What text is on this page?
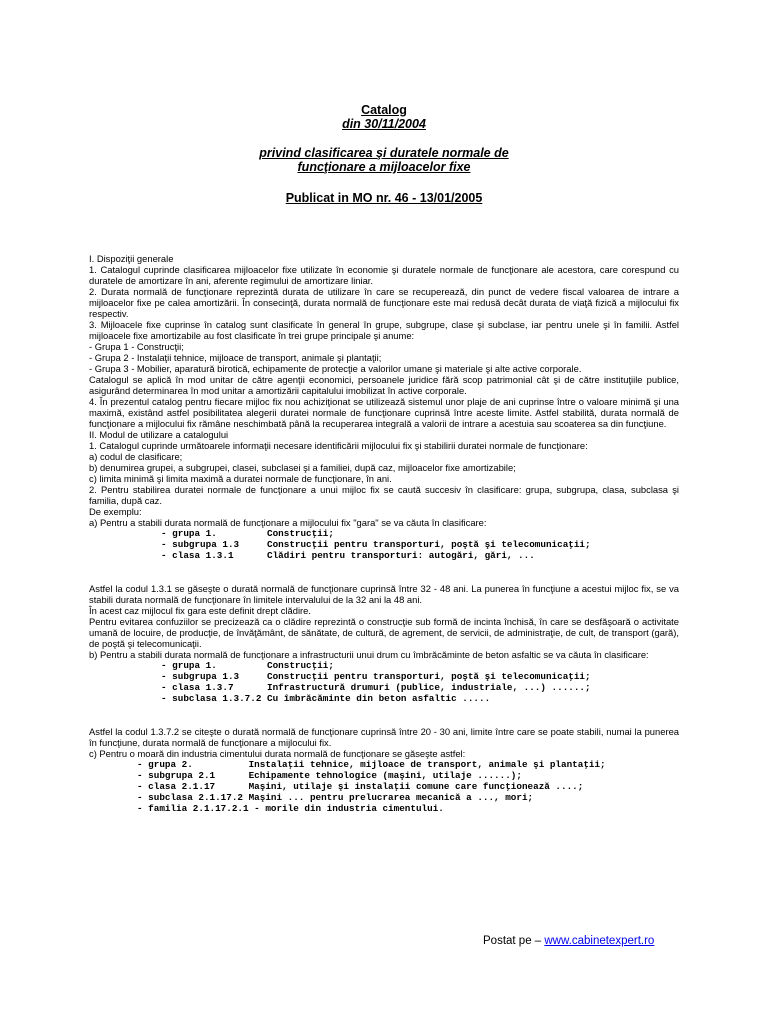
Catalog
din 30/11/2004
privind clasificarea şi duratele normale de
funcţionare a mijloacelor fixe
Publicat in MO nr. 46 - 13/01/2005

I. Dispoziţii generale

1. Catalogul cuprinde clasificarea mijloacelor fixe utilizate în economie şi duratele normale de funcţionare ale acestora, care corespund cu duratele de amortizare în ani, aferente regimului de amortizare liniar.

2. Durata normală de funcţionare reprezintă durata de utilizare în care se recuperează, din punct de vedere fiscal valoarea de intrare a mijloacelor fixe pe calea amortizării. În consecinţă, durata normală de funcţionare este mai redusă decât durata de viaţă fizică a mijlocului fix respectiv.

3. Mijloacele fixe cuprinse în catalog sunt clasificate în general în grupe, subgrupe, clase şi subclase, iar pentru unele şi în familii. Astfel mijloacele fixe amortizabile au fost clasificate în trei grupe principale şi anume:

- Grupa 1 - Construcţii;

- Grupa 2 - Instalaţii tehnice, mijloace de transport, animale şi plantaţii;

- Grupa 3 - Mobilier, aparatură birotică, echipamente de protecţie a valorilor umane şi materiale şi alte active corporale.

Catalogul se aplică în mod unitar de către agenţii economici, persoanele juridice fără scop patrimonial cât şi de către instituţiile publice, asigurând determinarea în mod unitar a amortizării capitalului imobilizat în active corporale.

4. În prezentul catalog pentru fiecare mijloc fix nou achiziţionat se utilizează sistemul unor plaje de ani cuprinse între o valoare minimă şi una maximă, existând astfel posibilitatea alegerii duratei normale de funcţionare cuprinsă între aceste limite. Astfel stabilită, durata normală de funcţionare a mijlocului fix rămâne neschimbată până la recuperarea integrală a valorii de intrare a acestuia sau scoaterea sa din funcţiune.

II. Modul de utilizare a catalogului

1. Catalogul cuprinde următoarele informaţii necesare identificării mijlocului fix şi stabilirii duratei normale de funcţionare:

a) codul de clasificare;

b) denumirea grupei, a subgrupei, clasei, subclasei şi a familiei, după caz, mijloacelor fixe amortizabile;

c) limita minimă şi limita maximă a duratei normale de funcţionare, în ani.

2. Pentru stabilirea duratei normale de funcţionare a unui mijloc fix se caută succesiv în clasificare: grupa, subgrupa, clasa, subclasa şi familia, după caz.

De exemplu:

a) Pentru a stabili durata normală de funcţionare a mijlocului fix "gara" se va căuta în clasificare:

- grupa 1.         Construcţii;

- subgrupa 1.3     Construcţii pentru transporturi, poştă şi telecomunicaţii;

- clasa 1.3.1      Clădiri pentru transporturi: autogări, gări, ...

Astfel la codul 1.3.1 se găseşte o durată normală de funcţionare cuprinsă între 32 - 48 ani. La punerea în funcţiune a acestui mijloc fix, se va stabili durata normală de funcţionare în limitele intervalului de la 32 ani la 48 ani.

În acest caz mijlocul fix gara este definit drept clădire.

Pentru evitarea confuziilor se precizează ca o clădire reprezintă o construcţie sub formă de incinta închisă, în care se desfăşoară o activitate umană de locuire, de producţie, de învăţământ, de sănătate, de cultură, de agrement, de servicii, de administraţie, de cult, de transport (gară), de poştă şi telecomunicaţii.

b) Pentru a stabili durata normală de funcţionare a infrastructurii unui drum cu îmbrăcăminte de beton asfaltic se va căuta în clasificare:

- grupa 1.         Construcţii;

- subgrupa 1.3     Construcţii pentru transporturi, poştă şi telecomunicaţii;

- clasa 1.3.7      Infrastructură drumuri (publice, industriale, ...) ......;

- subclasa 1.3.7.2 Cu îmbrăcăminte din beton asfaltic .....

Astfel la codul 1.3.7.2 se citeşte o durată normală de funcţionare cuprinsă între 20 - 30 ani, limite între care se poate stabili, numai la punerea în funcţiune, durata normală de funcţionare a mijlocului fix.

c) Pentru o moară din industria cimentului durata normală de funcţionare se găseşte astfel:

- grupa 2.          Instalaţii tehnice, mijloace de transport, animale şi plantaţii;

- subgrupa 2.1      Echipamente tehnologice (maşini, utilaje ......);

- clasa 2.1.17      Maşini, utilaje şi instalaţii comune care funcţionează ....;

- subclasa 2.1.17.2 Maşini ... pentru prelucrarea mecanică a ..., mori;

- familia 2.1.17.2.1 - morile din industria cimentului.

Postat pe – www.cabinetexpert.ro
